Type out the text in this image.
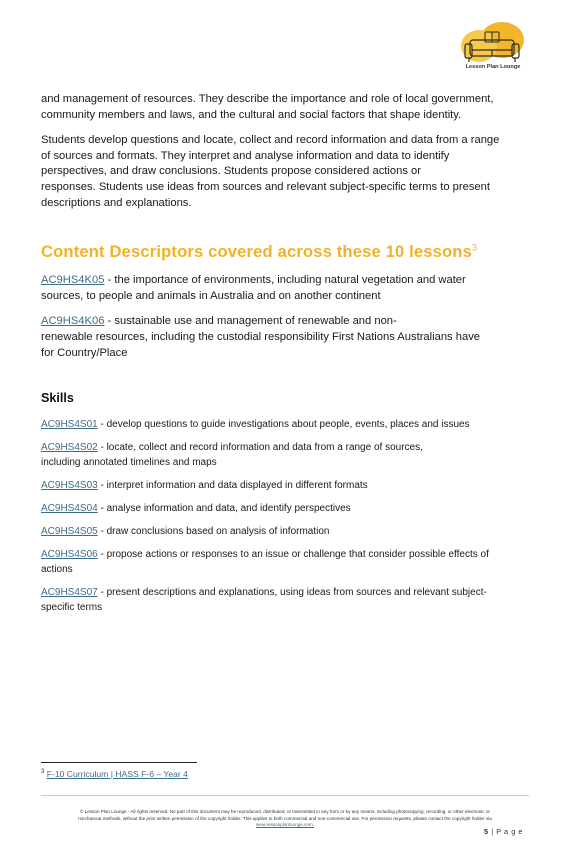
Lesson Plan Lounge

and management of resources. They describe the importance and role of local government, community members and laws, and the cultural and social factors that shape identity.

Students develop questions and locate, collect and record information and data from a range
of sources and formats. They interpret and analyse information and data to identify
perspectives, and draw conclusions. Students propose considered actions or
responses. Students use ideas from sources and relevant subject-specific terms to present
descriptions and explanations.

Content Descriptors covered across these 10 lessons$^3$
AC9HS4K05 - the importance of environments, including natural vegetation and water
sources, to people and animals in Australia and on another continent
AC9HS4K06 - sustainable use and management of renewable and non-
renewable resources, including the custodial responsibility First Nations Australians have
for Country/Place
Skills
AC9HS4S01 - develop questions to guide investigations about people, events, places and issues
AC9HS4S02 - locate, collect and record information and data from a range of sources,
including annotated timelines and maps
AC9HS4S03 - interpret information and data displayed in different formats
AC9HS4S04 - analyse information and data, and identify perspectives
AC9HS4S05 - draw conclusions based on analysis of information
AC9HS4S06 - propose actions or responses to an issue or challenge that consider possible effects of
actions
AC9HS4S07 - present descriptions and explanations, using ideas from sources and relevant subject-
specific terms
$^3$ F-10 Curriculum | HASS F-6 – Year 4
© Lesson Plan Lounge - All rights reserved. No part of this document may be reproduced, distributed, or transmitted in any form or by any means, including photocopying, recording, or other electronic or
mechanical methods, without the prior written permission of the copyright holder. This applies to both commercial and non-commercial use. For permission requests, please contact the copyright holder via
www.lessonplanlounge.com.
5 | P a g e
